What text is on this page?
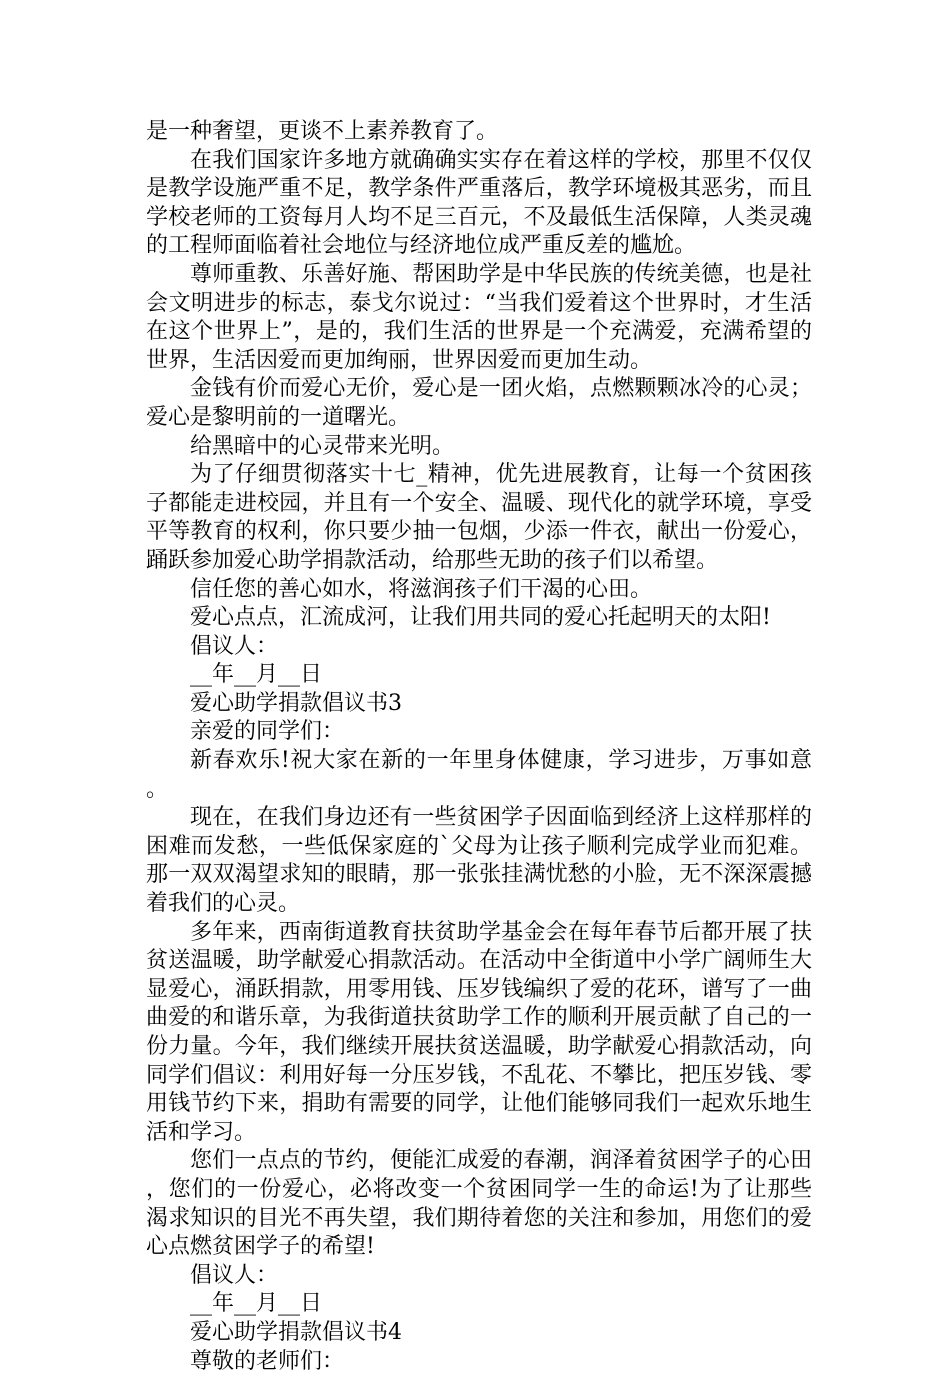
是一种奢望，更谈不上素养教育了。

在我们国家许多地方就确确实实存在着这样的学校，那里不仅仅是教学设施严重不足，教学条件严重落后，教学环境极其恶劣，而且学校老师的工资每月人均不足三百元，不及最低生活保障，人类灵魂的工程师面临着社会地位与经济地位成严重反差的尴尬。

尊师重教、乐善好施、帮困助学是中华民族的传统美德，也是社会文明进步的标志，泰戈尔说过：“当我们爱着这个世界时，才生活在这个世界上”，是的，我们生活的世界是一个充满爱，充满希望的世界，生活因爱而更加绚丽，世界因爱而更加生动。

金钱有价而爱心无价，爱心是一团火焰，点燃颗颗冰冷的心灵；爱心是黎明前的一道曙光。

给黑暗中的心灵带来光明。

为了仔细贯彻落实十七_精神，优先进展教育，让每一个贫困孩子都能走进校园，并且有一个安全、温暖、现代化的就学环境，享受平等教育的权利，你只要少抽一包烟，少添一件衣，献出一份爱心，踊跃参加爱心助学捐款活动，给那些无助的孩子们以希望。

信任您的善心如水，将滋润孩子们干渴的心田。

爱心点点，汇流成河，让我们用共同的爱心托起明天的太阳!

倡议人：

__年__月__日

爱心助学捐款倡议书3

亲爱的同学们：

新春欢乐!祝大家在新的一年里身体健康，学习进步，万事如意。

现在，在我们身边还有一些贫困学子因面临到经济上这样那样的困难而发愁，一些低保家庭的`父母为让孩子顺利完成学业而犯难。那一双双渴望求知的眼睛，那一张张挂满忧愁的小脸，无不深深震撼着我们的心灵。

多年来，西南街道教育扶贫助学基金会在每年春节后都开展了扶贫送温暖，助学献爱心捐款活动。在活动中全街道中小学广阔师生大显爱心，涌跃捐款，用零用钱、压岁钱编织了爱的花环，谱写了一曲曲爱的和谐乐章，为我街道扶贫助学工作的顺利开展贡献了自己的一份力量。今年，我们继续开展扶贫送温暖，助学献爱心捐款活动，向同学们倡议：利用好每一分压岁钱，不乱花、不攀比，把压岁钱、零用钱节约下来，捐助有需要的同学，让他们能够同我们一起欢乐地生活和学习。

您们一点点的节约，便能汇成爱的春潮，润泽着贫困学子的心田，您们的一份爱心，必将改变一个贫困同学一生的命运!为了让那些渴求知识的目光不再失望，我们期待着您的关注和参加，用您们的爱心点燃贫困学子的希望!

倡议人：

__年__月__日

爱心助学捐款倡议书4

尊敬的老师们：
